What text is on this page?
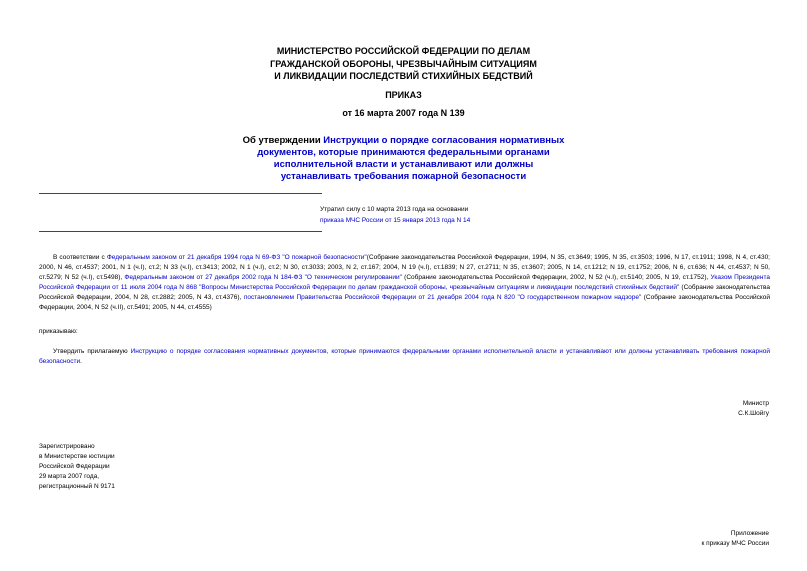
МИНИСТЕРСТВО РОССИЙСКОЙ ФЕДЕРАЦИИ ПО ДЕЛАМ
ГРАЖДАНСКОЙ ОБОРОНЫ, ЧРЕЗВЫЧАЙНЫМ СИТУАЦИЯМ
И ЛИКВИДАЦИИ ПОСЛЕДСТВИЙ СТИХИЙНЫХ БЕДСТВИЙ
ПРИКАЗ
от 16 марта 2007 года N 139
Об утверждении Инструкции о порядке согласования нормативных
документов, которые принимаются федеральными органами
исполнительной власти и устанавливают или должны
устанавливать требования пожарной безопасности
Утратил силу с 10 марта 2013 года на основании
приказа МЧС России от 15 января 2013 года N 14
В соответствии с Федеральным законом от 21 декабря 1994 года N 69-ФЗ "О пожарной безопасности"(Собрание законодательства Российской Федерации, 1994, N 35, ст.3649; 1995, N 35, ст.3503; 1996, N 17, ст.1911; 1998, N 4, ст.430; 2000, N 46, ст.4537; 2001, N 1 (ч.I), ст.2; N 33 (ч.I), ст.3413; 2002, N 1 (ч.I), ст.2; N 30, ст.3033; 2003, N 2, ст.167; 2004, N 19 (ч.I), ст.1839; N 27, ст.2711; N 35, ст.3607; 2005, N 14, ст.1212; N 19, ст.1752; 2006, N 6, ст.636; N 44, ст.4537; N 50, ст.5279; N 52 (ч.I), ст.5498), Федеральным законом от 27 декабря 2002 года N 184-ФЗ "О техническом регулировании" (Собрание законодательства Российской Федерации, 2002, N 52 (ч.I), ст.5140; 2005, N 19, ст.1752), Указом Президента Российской Федерации от 11 июля 2004 года N 868 "Вопросы Министерства Российской Федерации по делам гражданской обороны, чрезвычайным ситуациям и ликвидации последствий стихийных бедствий" (Собрание законодательства Российской Федерации, 2004, N 28, ст.2882; 2005, N 43, ст.4376), постановлением Правительства Российской Федерации от 21 декабря 2004 года N 820 "О государственном пожарном надзоре" (Собрание законодательства Российской Федерации, 2004, N 52 (ч.II), ст.5491; 2005, N 44, ст.4555)
приказываю:
Утвердить прилагаемую Инструкцию о порядке согласования нормативных документов, которые принимаются федеральными органами исполнительной власти и устанавливают или должны устанавливать требования пожарной безопасности.
Министр
С.К.Шойгу
Зарегистрировано
в Министерстве юстиции
Российской Федерации
29 марта 2007 года,
регистрационный N 9171
Приложение
к приказу МЧС России
